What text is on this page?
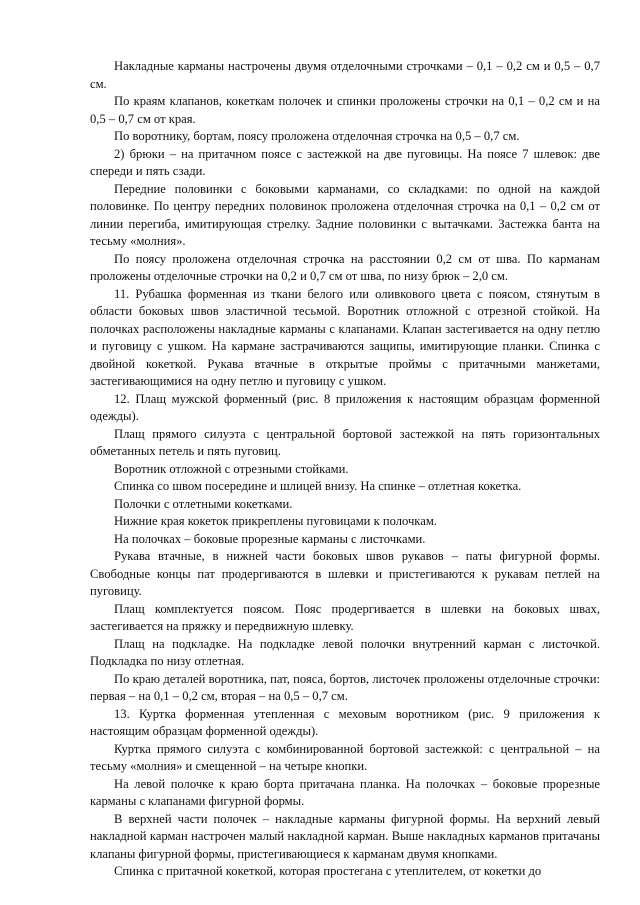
Накладные карманы настрочены двумя отделочными строчками – 0,1 – 0,2 см и 0,5 – 0,7 см.

По краям клапанов, кокеткам полочек и спинки проложены строчки на 0,1 – 0,2 см и на 0,5 – 0,7 см от края.

По воротнику, бортам, поясу проложена отделочная строчка на 0,5 – 0,7 см.

2) брюки – на притачном поясе с застежкой на две пуговицы. На поясе 7 шлевок: две спереди и пять сзади.

Передние половинки с боковыми карманами, со складками: по одной на каждой половинке. По центру передних половинок проложена отделочная строчка на 0,1 – 0,2 см от линии перегиба, имитирующая стрелку. Задние половинки с вытачками. Застежка банта на тесьму «молния».

По поясу проложена отделочная строчка на расстоянии 0,2 см от шва. По карманам проложены отделочные строчки на 0,2 и 0,7 см от шва, по низу брюк – 2,0 см.

11. Рубашка форменная из ткани белого или оливкового цвета с поясом, стянутым в области боковых швов эластичной тесьмой. Воротник отложной с отрезной стойкой. На полочках расположены накладные карманы с клапанами. Клапан застегивается на одну петлю и пуговицу с ушком. На кармане застрачиваются защипы, имитирующие планки. Спинка с двойной кокеткой. Рукава втачные в открытые проймы с притачными манжетами, застегивающимися на одну петлю и пуговицу с ушком.

12. Плащ мужской форменный (рис. 8 приложения к настоящим образцам форменной одежды).

Плащ прямого силуэта с центральной бортовой застежкой на пять горизонтальных обметанных петель и пять пуговиц.

Воротник отложной с отрезными стойками.

Спинка со швом посередине и шлицей внизу. На спинке – отлетная кокетка.

Полочки с отлетными кокетками.

Нижние края кокеток прикреплены пуговицами к полочкам.

На полочках – боковые прорезные карманы с листочками.

Рукава втачные, в нижней части боковых швов рукавов – паты фигурной формы. Свободные концы пат продергиваются в шлевки и пристегиваются к рукавам петлей на пуговицу.

Плащ комплектуется поясом. Пояс продергивается в шлевки на боковых швах, застегивается на пряжку и передвижную шлевку.

Плащ на подкладке. На подкладке левой полочки внутренний карман с листочкой. Подкладка по низу отлетная.

По краю деталей воротника, пат, пояса, бортов, листочек проложены отделочные строчки: первая – на 0,1 – 0,2 см, вторая – на 0,5 – 0,7 см.

13. Куртка форменная утепленная с меховым воротником (рис. 9 приложения к настоящим образцам форменной одежды).

Куртка прямого силуэта с комбинированной бортовой застежкой: с центральной – на тесьму «молния» и смещенной – на четыре кнопки.

На левой полочке к краю борта притачана планка. На полочках – боковые прорезные карманы с клапанами фигурной формы.

В верхней части полочек – накладные карманы фигурной формы. На верхний левый накладной карман настрочен малый накладной карман. Выше накладных карманов притачаны клапаны фигурной формы, пристегивающиеся к карманам двумя кнопками.

Спинка с притачной кокеткой, которая простегана с утеплителем, от кокетки до
